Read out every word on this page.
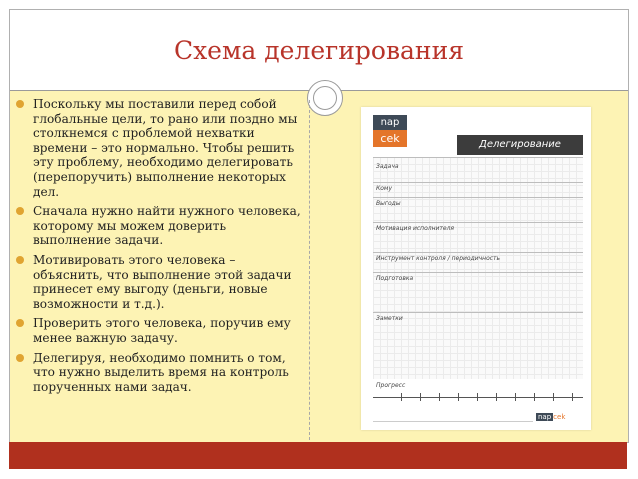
Схема делегирования
Поскольку мы поставили перед собой глобальные цели, то рано или поздно мы столкнемся с проблемой нехватки времени – это нормально. Чтобы решить эту проблему, необходимо делегировать (перепоручить) выполнение некоторых дел.
Сначала нужно найти нужного человека, которому мы можем доверить выполнение задачи.
Мотивировать этого человека – объяснить, что выполнение этой задачи принесет ему выгоду (деньги, новые возможности и т.д.).
Проверить этого человека, поручив ему менее важную задачу.
Делегируя, необходимо помнить о том, что нужно выделить время на контроль порученных нами задач.
nap
cek	Делегирование
Задача
Кому
Выгоды
Мотивация исполнителя
Инструмент контроля / периодичность
Подготовка
Заметки
Прогресс
nap cek
